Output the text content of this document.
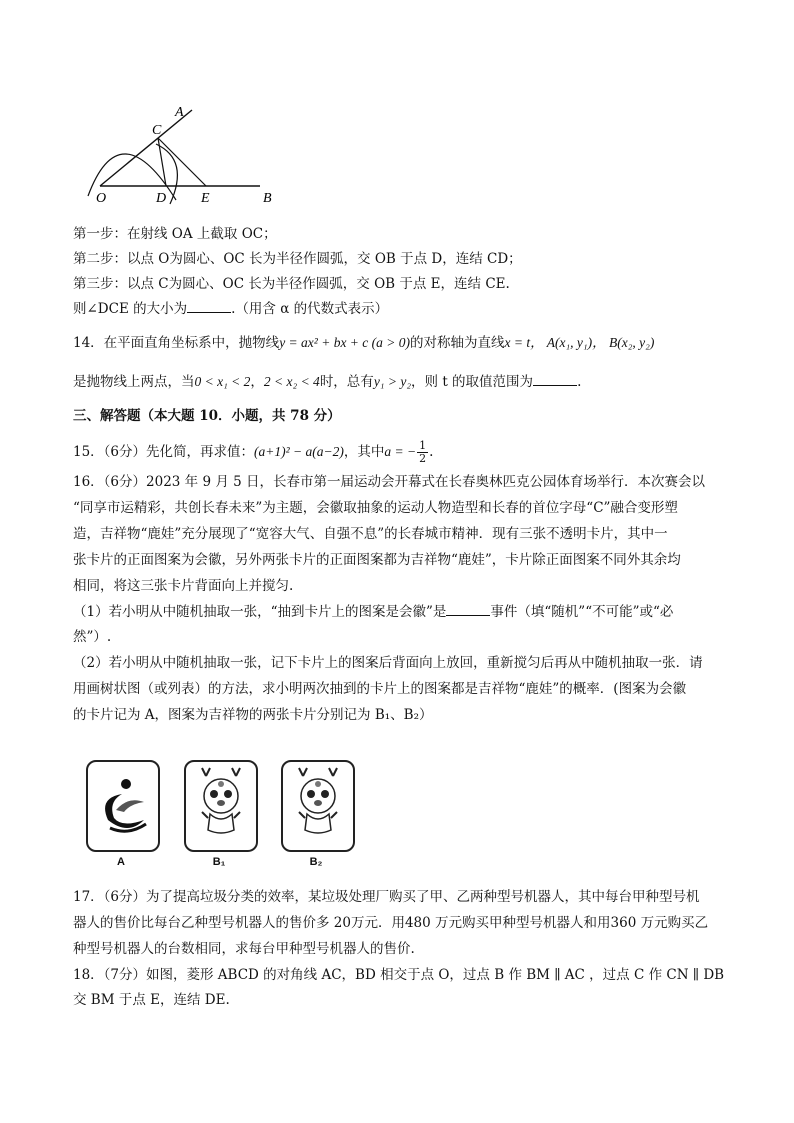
A
C
O	D E	B
第一步：在射线 OA 上截取 OC；
第二步：以点 O为圆心、OC 长为半径作圆弧，交 OB 于点 D，连结 CD；
第三步：以点 C为圆心、OC 长为半径作圆弧，交 OB 于点 E，连结 CE.
则∠DCE 的大小为	.（用含 α 的代数式表示）
14．在平面直角坐标系中，抛物线y = ax² + bx + c (a > 0)的对称轴为直线x = t， A(x₁, y₁)， B(x₂, y₂)
是抛物线上两点，当0 < x₁ < 2，2 < x₂ < 4时，总有y₁ > y₂，则 t 的取值范围为	.
三、解答题（本大题 10．小题，共 78 分）
15．（6分）先化简，再求值：(a+1)² − a(a−2)，其中a = − $\frac{1}{2}$ .
16．（6分）2023 年 9 月 5 日，长春市第一届运动会开幕式在长春奥林匹克公园体育场举行．本次赛会以
“同享市运精彩，共创长春未来”为主题，会徽取抽象的运动人物造型和长春的首位字母“C”融合变形塑
造，吉祥物“鹿娃”充分展现了“宽容大气、自强不息”的长春城市精神．现有三张不透明卡片，其中一
张卡片的正面图案为会徽，另外两张卡片的正面图案都为吉祥物“鹿娃”，卡片除正面图案不同外其余均
相同，将这三张卡片背面向上并搅匀.
（1）若小明从中随机抽取一张，“抽到卡片上的图案是会徽”是	事件（填“随机”“不可能”或“必
然”）.
（2）若小明从中随机抽取一张，记下卡片上的图案后背面向上放回，重新搅匀后再从中随机抽取一张．请
用画树状图（或列表）的方法，求小明两次抽到的卡片上的图案都是吉祥物“鹿娃”的概率．(图案为会徽
的卡片记为 A，图案为吉祥物的两张卡片分别记为 B₁、B₂）
A	B₁	B₂
17．（6分）为了提高垃圾分类的效率，某垃圾处理厂购买了甲、乙两种型号机器人，其中每台甲种型号机
器人的售价比每台乙种型号机器人的售价多 20万元．用480 万元购买甲种型号机器人和用360 万元购买乙
种型号机器人的台数相同，求每台甲种型号机器人的售价.
18．（7分）如图，菱形 ABCD 的对角线 AC，BD 相交于点 O，过点 B 作 BM ∥ AC ，过点 C 作 CN ∥ DB
交 BM 于点 E，连结 DE.
